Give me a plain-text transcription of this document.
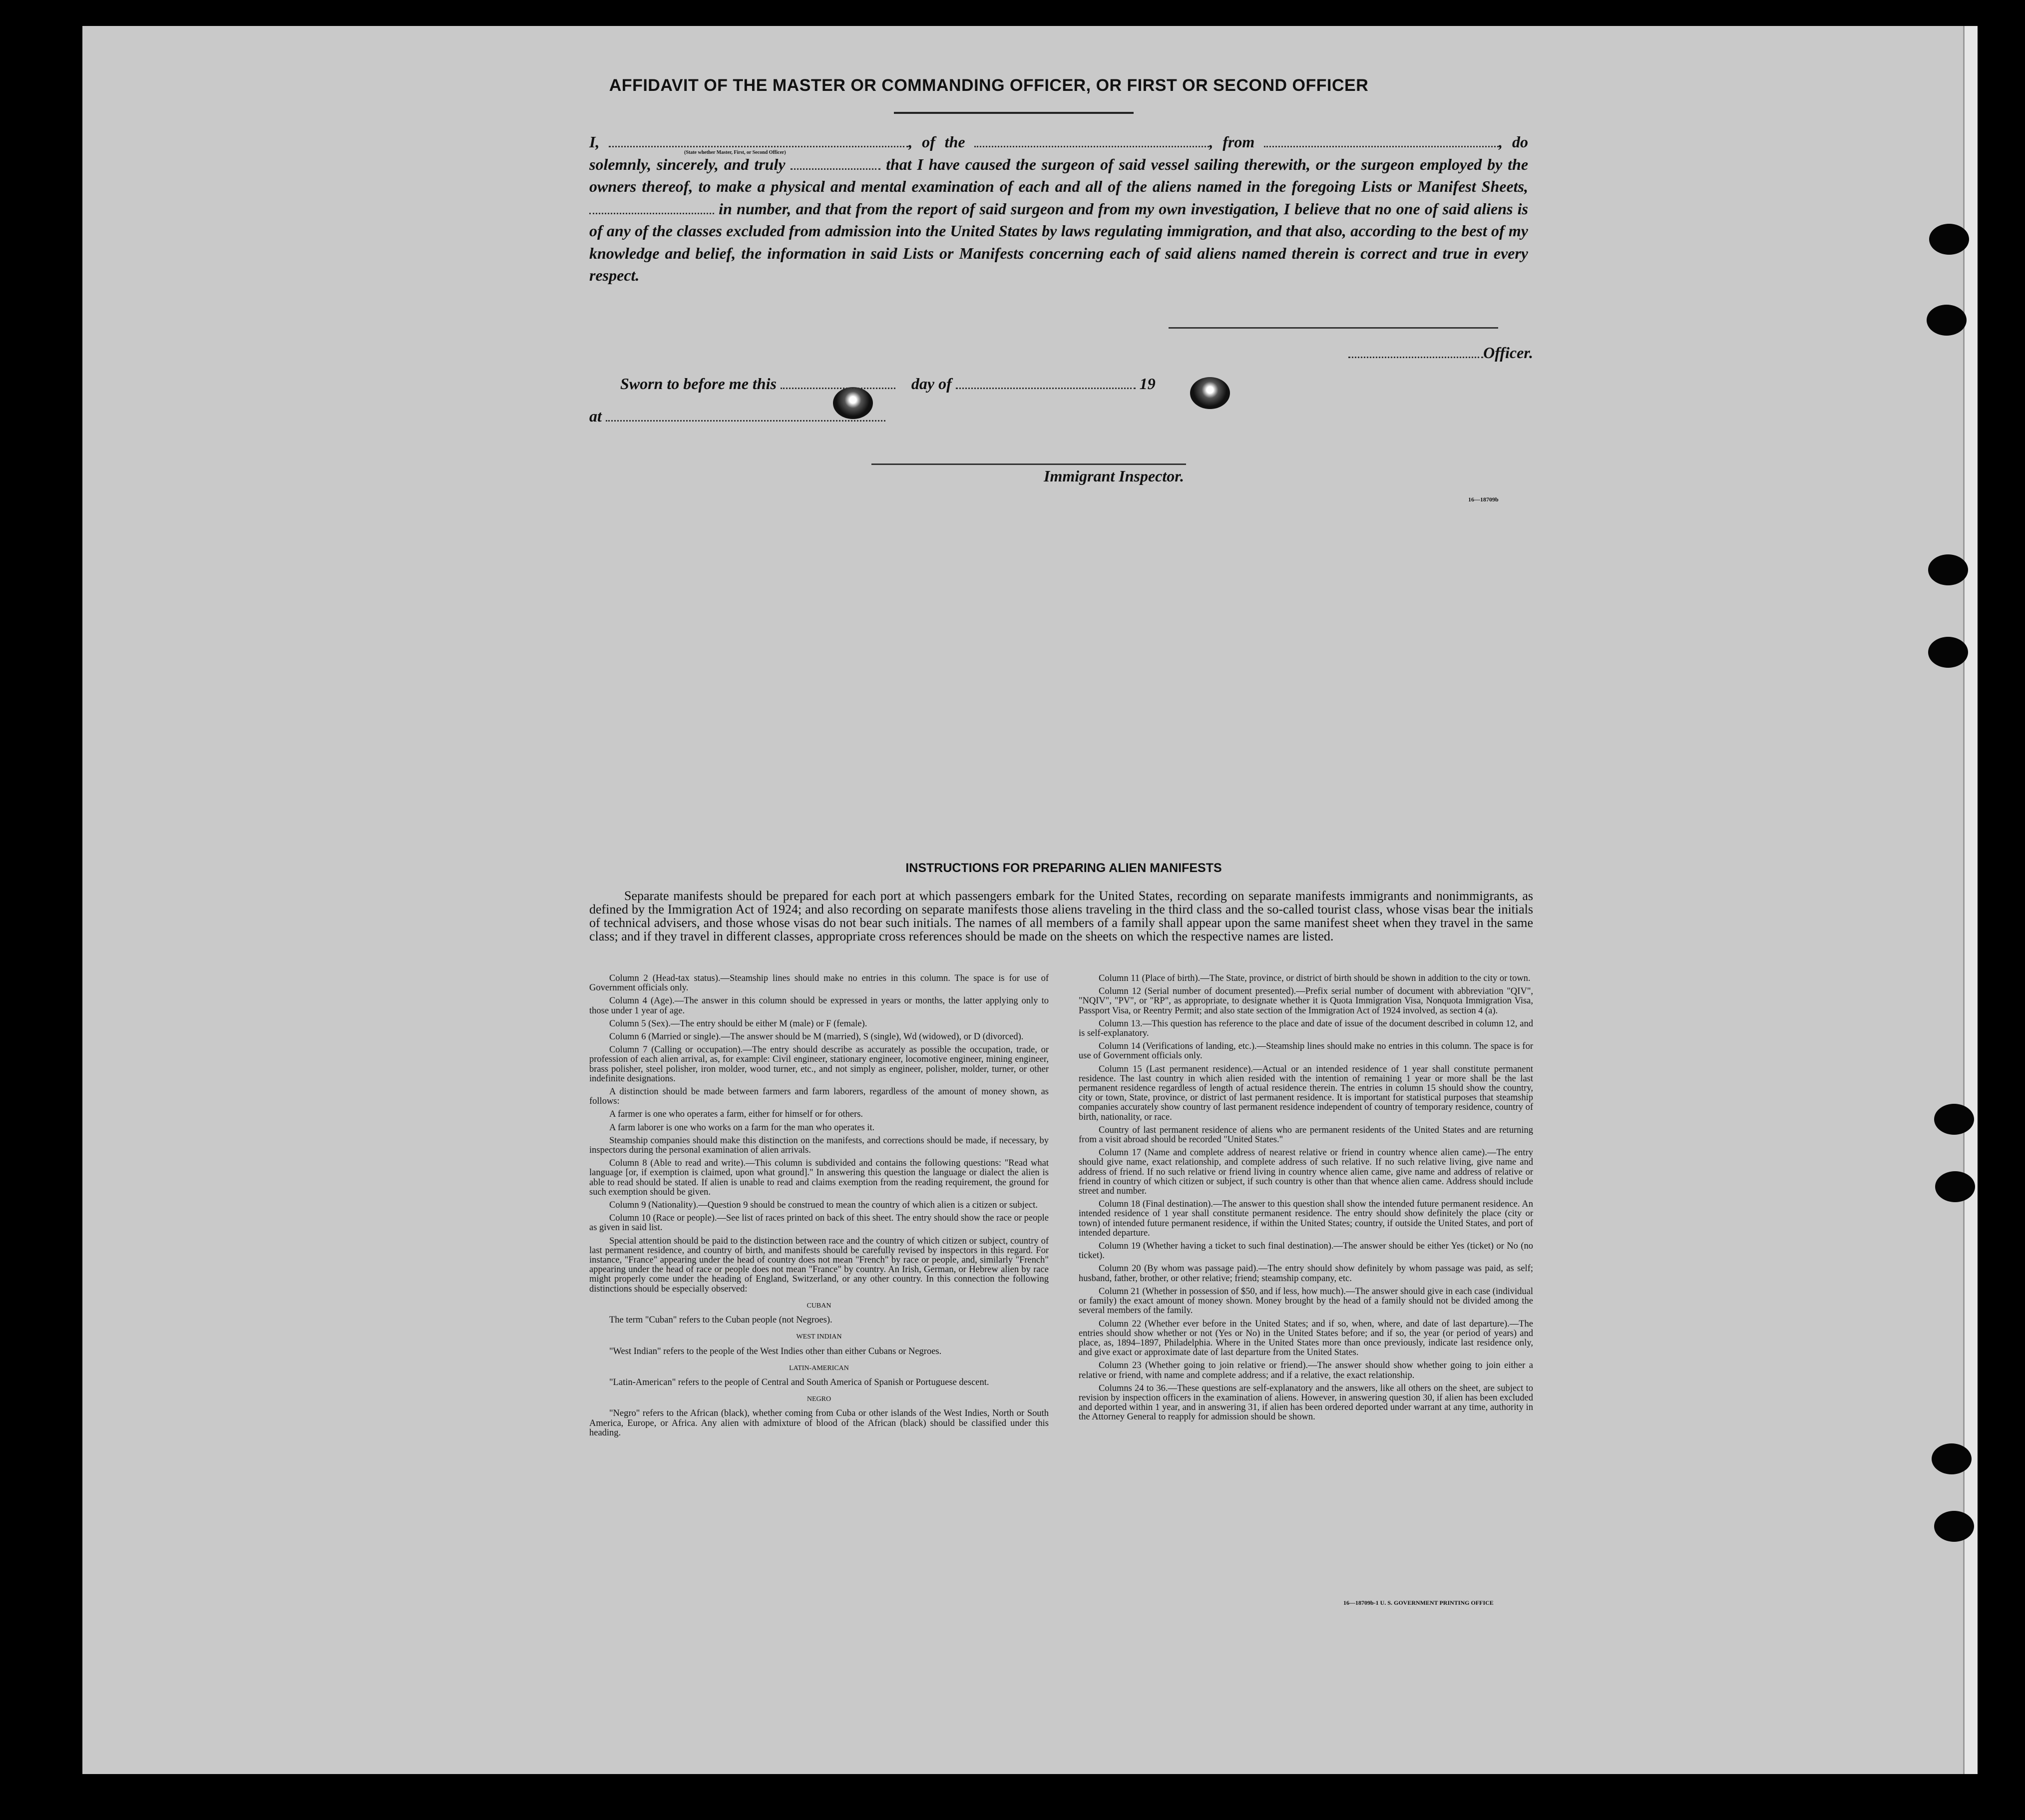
AFFIDAVIT OF THE MASTER OR COMMANDING OFFICER, OR FIRST OR SECOND OFFICER
I,	, of the	, from	, do solemnly, sincerely, and truly	that I have caused the surgeon of said vessel sailing therewith, or the surgeon employed by the owners thereof, to make a physical and mental examination of each and all of the aliens named in the foregoing Lists or Manifest Sheets,  in number, and that from the report of said surgeon and from my own investigation, I believe that no one of said aliens is of any of the classes excluded from admission into the United States by laws regulating immigration, and that also, according to the best of my knowledge and belief, the information in said Lists or Manifests concerning each of said aliens named therein is correct and true in every respect.
(State whether Master, First, or Second Officer)
Officer.
Sworn to before me this	day of	19
at
Immigrant Inspector.
16—18709b
INSTRUCTIONS FOR PREPARING ALIEN MANIFESTS
Separate manifests should be prepared for each port at which passengers embark for the United States, recording on separate manifests immigrants and nonimmigrants, as defined by the Immigration Act of 1924; and also recording on separate manifests those aliens traveling in the third class and the so-called tourist class, whose visas bear the initials of technical advisers, and those whose visas do not bear such initials. The names of all members of a family shall appear upon the same manifest sheet when they travel in the same class; and if they travel in different classes, appropriate cross references should be made on the sheets on which the respective names are listed.

Column 2 (Head-tax status).—Steamship lines should make no entries in this column. The space is for use of Government officials only.

Column 4 (Age).—The answer in this column should be expressed in years or months, the latter applying only to those under 1 year of age.

Column 5 (Sex).—The entry should be either M (male) or F (female).

Column 6 (Married or single).—The answer should be M (married), S (single), Wd (widowed), or D (divorced).

Column 7 (Calling or occupation).—The entry should describe as accurately as possible the occupation, trade, or profession of each alien arrival, as, for example: Civil engineer, stationary engineer, locomotive engineer, mining engineer, brass polisher, steel polisher, iron molder, wood turner, etc., and not simply as engineer, polisher, molder, turner, or other indefinite designations.

A distinction should be made between farmers and farm laborers, regardless of the amount of money shown, as follows:

A farmer is one who operates a farm, either for himself or for others.

A farm laborer is one who works on a farm for the man who operates it.

Steamship companies should make this distinction on the manifests, and corrections should be made, if necessary, by inspectors during the personal examination of alien arrivals.

Column 8 (Able to read and write).—This column is subdivided and contains the following questions: "Read what language [or, if exemption is claimed, upon what ground]." In answering this question the language or dialect the alien is able to read should be stated. If alien is unable to read and claims exemption from the reading requirement, the ground for such exemption should be given.

Column 9 (Nationality).—Question 9 should be construed to mean the country of which alien is a citizen or subject.

Column 10 (Race or people).—See list of races printed on back of this sheet. The entry should show the race or people as given in said list.

Special attention should be paid to the distinction between race and the country of which citizen or subject, country of last permanent residence, and country of birth, and manifests should be carefully revised by inspectors in this regard. For instance, "France" appearing under the head of country does not mean "French" by race or people, and, similarly "French" appearing under the head of race or people does not mean "France" by country. An Irish, German, or Hebrew alien by race might properly come under the heading of England, Switzerland, or any other country. In this connection the following distinctions should be especially observed:

CUBAN

The term "Cuban" refers to the Cuban people (not Negroes).

WEST INDIAN

"West Indian" refers to the people of the West Indies other than either Cubans or Negroes.

LATIN-AMERICAN

"Latin-American" refers to the people of Central and South America of Spanish or Portuguese descent.

NEGRO

"Negro" refers to the African (black), whether coming from Cuba or other islands of the West Indies, North or South America, Europe, or Africa. Any alien with admixture of blood of the African (black) should be classified under this heading.

Column 11 (Place of birth).—The State, province, or district of birth should be shown in addition to the city or town.

Column 12 (Serial number of document presented).—Prefix serial number of document with abbreviation "QIV", "NQIV", "PV", or "RP", as appropriate, to designate whether it is Quota Immigration Visa, Nonquota Immigration Visa, Passport Visa, or Reentry Permit; and also state section of the Immigration Act of 1924 involved, as section 4 (a).

Column 13.—This question has reference to the place and date of issue of the document described in column 12, and is self-explanatory.

Column 14 (Verifications of landing, etc.).—Steamship lines should make no entries in this column. The space is for use of Government officials only.

Column 15 (Last permanent residence).—Actual or an intended residence of 1 year shall constitute permanent residence. The last country in which alien resided with the intention of remaining 1 year or more shall be the last permanent residence regardless of length of actual residence therein. The entries in column 15 should show the country, city or town, State, province, or district of last permanent residence. It is important for statistical purposes that steamship companies accurately show country of last permanent residence independent of country of temporary residence, country of birth, nationality, or race.

Country of last permanent residence of aliens who are permanent residents of the United States and are returning from a visit abroad should be recorded "United States."

Column 17 (Name and complete address of nearest relative or friend in country whence alien came).—The entry should give name, exact relationship, and complete address of such relative. If no such relative living, give name and address of friend. If no such relative or friend living in country whence alien came, give name and address of relative or friend in country of which citizen or subject, if such country is other than that whence alien came. Address should include street and number.

Column 18 (Final destination).—The answer to this question shall show the intended future permanent residence. An intended residence of 1 year shall constitute permanent residence. The entry should show definitely the place (city or town) of intended future permanent residence, if within the United States; country, if outside the United States, and port of intended departure.

Column 19 (Whether having a ticket to such final destination).—The answer should be either Yes (ticket) or No (no ticket).

Column 20 (By whom was passage paid).—The entry should show definitely by whom passage was paid, as self; husband, father, brother, or other relative; friend; steamship company, etc.

Column 21 (Whether in possession of $50, and if less, how much).—The answer should give in each case (individual or family) the exact amount of money shown. Money brought by the head of a family should not be divided among the several members of the family.

Column 22 (Whether ever before in the United States; and if so, when, where, and date of last departure).—The entries should show whether or not (Yes or No) in the United States before; and if so, the year (or period of years) and place, as, 1894–1897, Philadelphia. Where in the United States more than once previously, indicate last residence only, and give exact or approximate date of last departure from the United States.

Column 23 (Whether going to join relative or friend).—The answer should show whether going to join either a relative or friend, with name and complete address; and if a relative, the exact relationship.

Columns 24 to 36.—These questions are self-explanatory and the answers, like all others on the sheet, are subject to revision by inspection officers in the examination of aliens. However, in answering question 30, if alien has been excluded and deported within 1 year, and in answering 31, if alien has been ordered deported under warrant at any time, authority in the Attorney General to reapply for admission should be shown.

16—18709b-1 U. S. GOVERNMENT PRINTING OFFICE
